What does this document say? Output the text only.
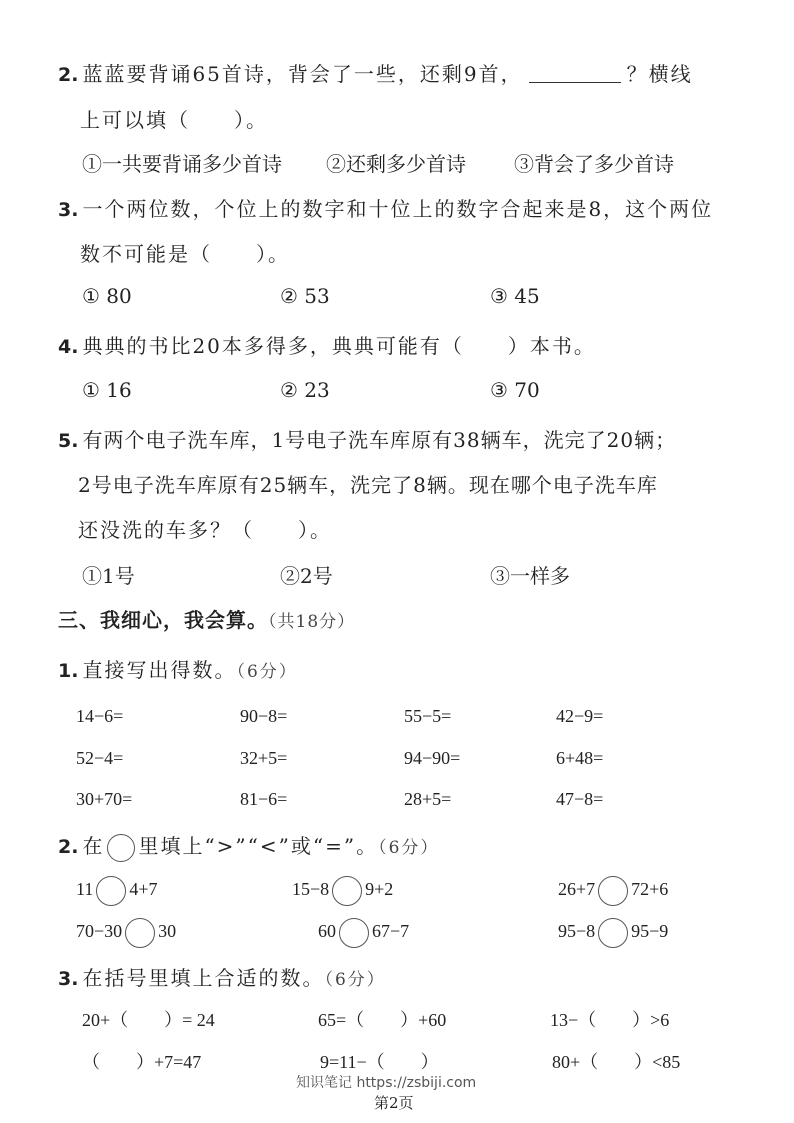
2. 蓝蓝要背诵65首诗，背会了一些，还剩9首，	？横线
上可以填（　　）。
①一共要背诵多少首诗 ②还剩多少首诗 ③背会了多少首诗
3. 一个两位数，个位上的数字和十位上的数字合起来是8，这个两位
数不可能是（　　）。
① 80	② 53	③ 45
4. 典典的书比20本多得多，典典可能有（　　）本书。
① 16	② 23	③ 70
5. 有两个电子洗车库，1号电子洗车库原有38辆车，洗完了20辆；
2号电子洗车库原有25辆车，洗完了8辆。现在哪个电子洗车库
还没洗的车多？（　　）。
①1号	②2号	③一样多
三、我细心，我会算。（共18分）
1. 直接写出得数。（6分）
14−6=	90−8=	55−5=	42−9=
52−4=	32+5=	94−90=	6+48=
30+70=	81−6=	28+5=	47−8=
2. 在 里填上“>”“<”或“=”。（6分）
11 4+7	15−8 9+2	26+7 72+6
70−30 30	60 67−7	95−8 95−9
3. 在括号里填上合适的数。（6分）
20+（　　）= 24	65=（　　）+60	13−（　　）>6
（　　）+7=47	9=11−（　　）	80+（　　）<85
知识笔记 https://zsbiji.com
第2页
